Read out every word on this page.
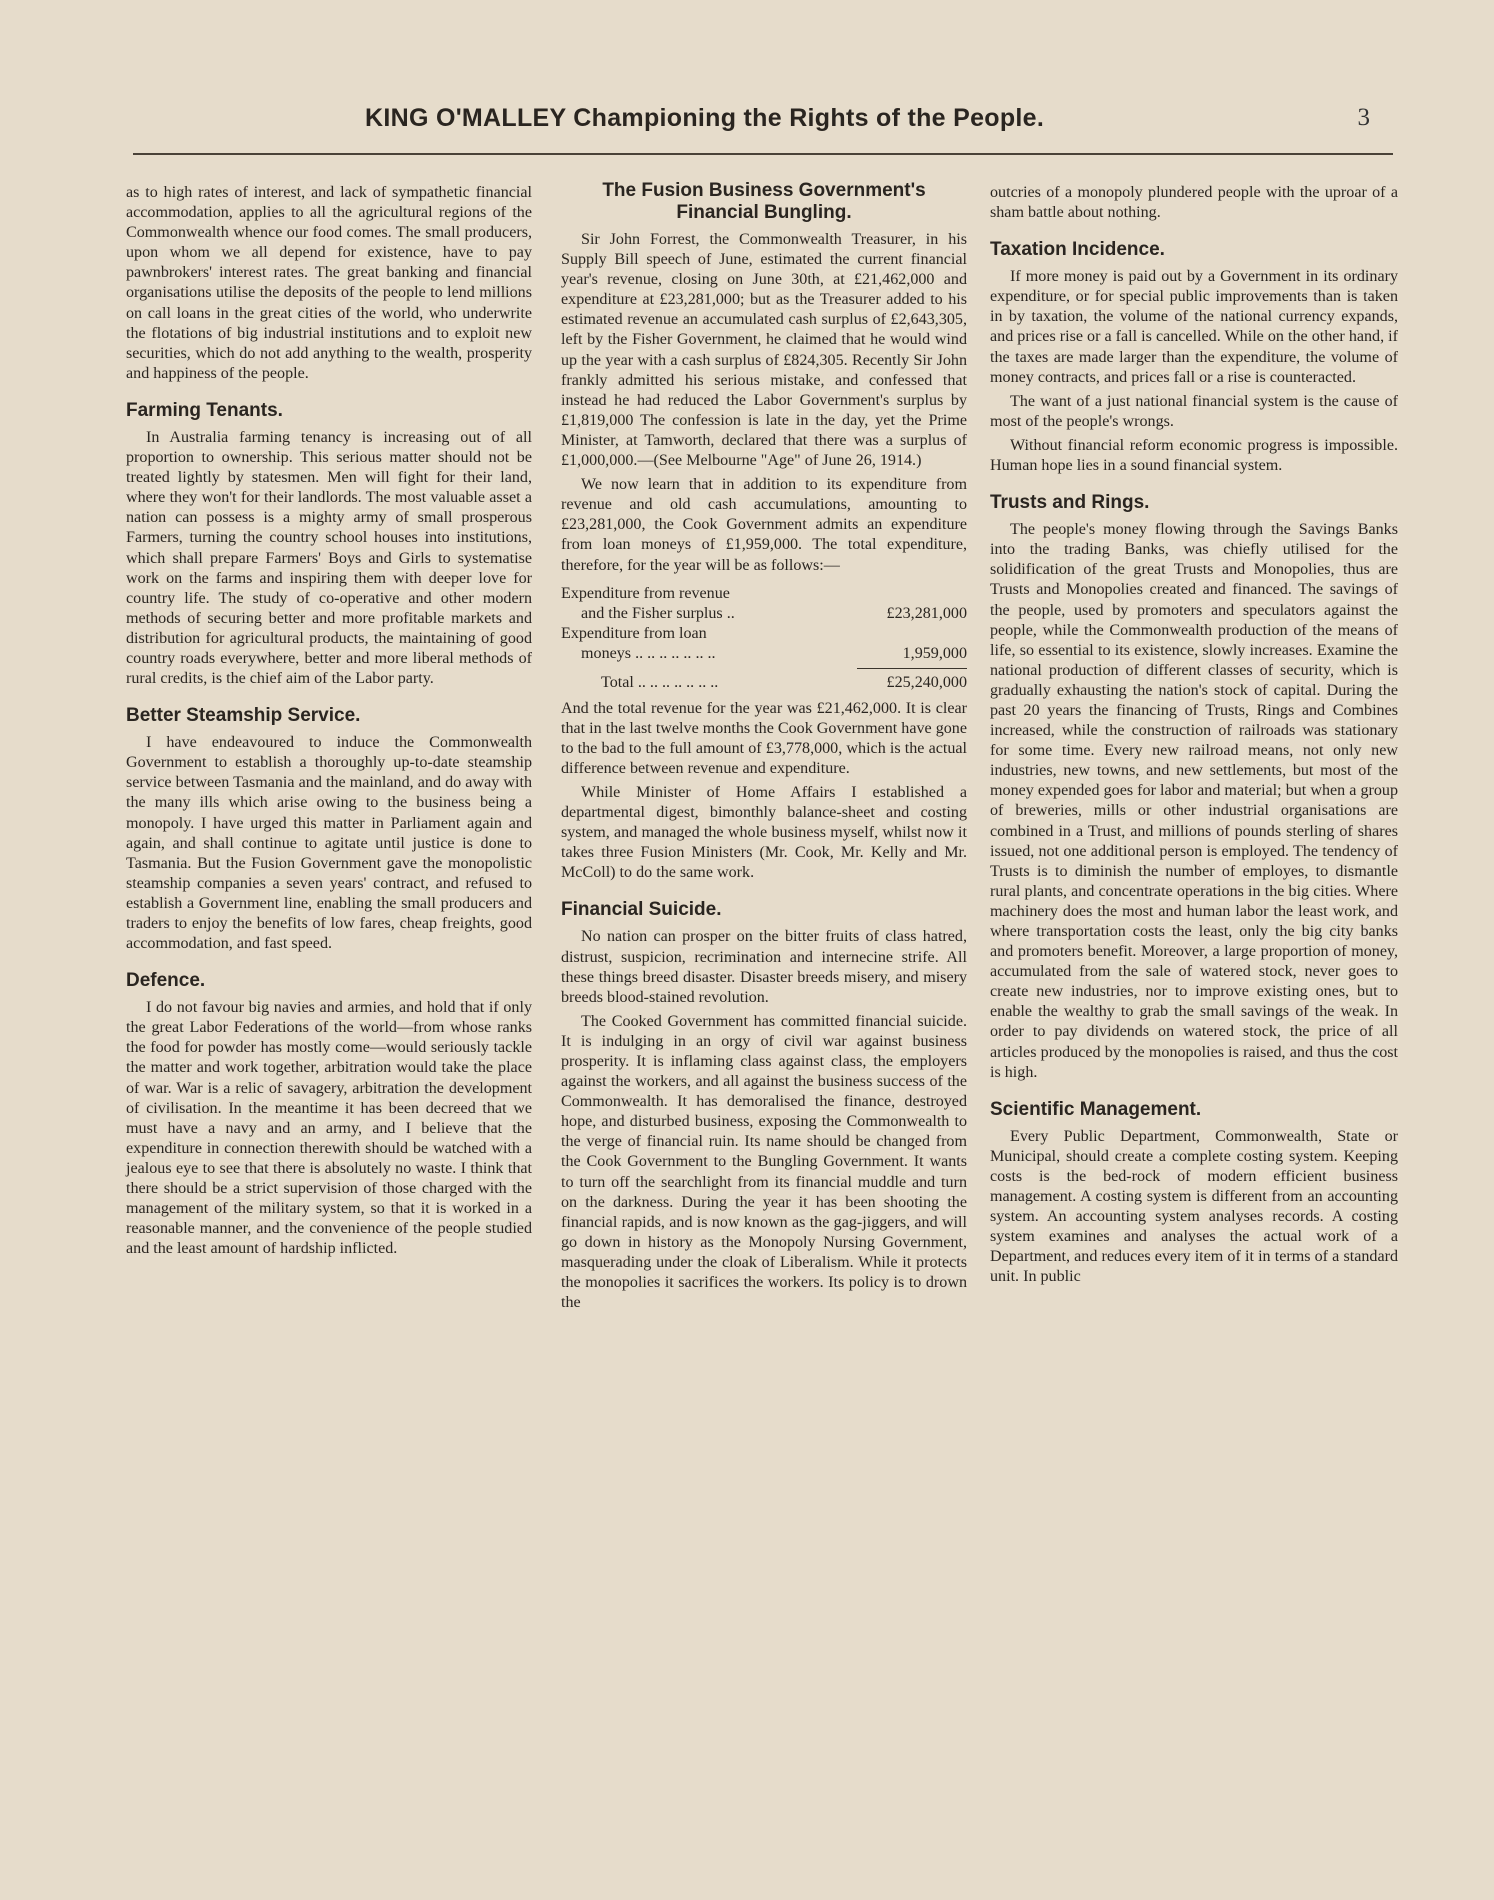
KING O'MALLEY Championing the Rights of the People.	3

as to high rates of interest, and lack of sympathetic financial accommodation, applies to all the agricultural regions of the Commonwealth whence our food comes. The small producers, upon whom we all depend for existence, have to pay pawnbrokers' interest rates. The great banking and financial organisations utilise the deposits of the people to lend millions on call loans in the great cities of the world, who underwrite the flotations of big industrial institutions and to exploit new securities, which do not add anything to the wealth, prosperity and happiness of the people.

Farming Tenants.

In Australia farming tenancy is increasing out of all proportion to ownership. This serious matter should not be treated lightly by statesmen. Men will fight for their land, where they won't for their landlords. The most valuable asset a nation can possess is a mighty army of small prosperous Farmers, turning the country school houses into institutions, which shall prepare Farmers' Boys and Girls to systematise work on the farms and inspiring them with deeper love for country life. The study of co-operative and other modern methods of securing better and more profitable markets and distribution for agricultural products, the maintaining of good country roads everywhere, better and more liberal methods of rural credits, is the chief aim of the Labor party.

Better Steamship Service.

I have endeavoured to induce the Commonwealth Government to establish a thoroughly up-to-date steamship service between Tasmania and the mainland, and do away with the many ills which arise owing to the business being a monopoly. I have urged this matter in Parliament again and again, and shall continue to agitate until justice is done to Tasmania. But the Fusion Government gave the monopolistic steamship companies a seven years' contract, and refused to establish a Government line, enabling the small producers and traders to enjoy the benefits of low fares, cheap freights, good accommodation, and fast speed.

Defence.

I do not favour big navies and armies, and hold that if only the great Labor Federations of the world—from whose ranks the food for powder has mostly come—would seriously tackle the matter and work together, arbitration would take the place of war. War is a relic of savagery, arbitration the development of civilisation. In the meantime it has been decreed that we must have a navy and an army, and I believe that the expenditure in connection therewith should be watched with a jealous eye to see that there is absolutely no waste. I think that there should be a strict supervision of those charged with the management of the military system, so that it is worked in a reasonable manner, and the convenience of the people studied and the least amount of hardship inflicted.

The Fusion Business Government's Financial Bungling.

Sir John Forrest, the Commonwealth Treasurer, in his Supply Bill speech of June, estimated the current financial year's revenue, closing on June 30th, at £21,462,000 and expenditure at £23,281,000; but as the Treasurer added to his estimated revenue an accumulated cash surplus of £2,643,305, left by the Fisher Government, he claimed that he would wind up the year with a cash surplus of £824,305. Recently Sir John frankly admitted his serious mistake, and confessed that instead he had reduced the Labor Government's surplus by £1,819,000 The confession is late in the day, yet the Prime Minister, at Tamworth, declared that there was a surplus of £1,000,000.—(See Melbourne "Age" of June 26, 1914.)

We now learn that in addition to its expenditure from revenue and old cash accumulations, amounting to £23,281,000, the Cook Government admits an expenditure from loan moneys of £1,959,000. The total expenditure, therefore, for the year will be as follows:—

Expenditure from revenue
and the Fisher surplus ..	£23,281,000
Expenditure from loan
moneys .. .. .. .. .. .. ..	1,959,000
Total .. .. .. .. .. .. ..	£25,240,000

And the total revenue for the year was £21,462,000. It is clear that in the last twelve months the Cook Government have gone to the bad to the full amount of £3,778,000, which is the actual difference between revenue and expenditure.

While Minister of Home Affairs I established a departmental digest, bimonthly balance-sheet and costing system, and managed the whole business myself, whilst now it takes three Fusion Ministers (Mr. Cook, Mr. Kelly and Mr. McColl) to do the same work.

Financial Suicide.

No nation can prosper on the bitter fruits of class hatred, distrust, suspicion, recrimination and internecine strife. All these things breed disaster. Disaster breeds misery, and misery breeds blood-stained revolution.

The Cooked Government has committed financial suicide. It is indulging in an orgy of civil war against business prosperity. It is inflaming class against class, the employers against the workers, and all against the business success of the Commonwealth. It has demoralised the finance, destroyed hope, and disturbed business, exposing the Commonwealth to the verge of financial ruin. Its name should be changed from the Cook Government to the Bungling Government. It wants to turn off the searchlight from its financial muddle and turn on the darkness. During the year it has been shooting the financial rapids, and is now known as the gag-jiggers, and will go down in history as the Monopoly Nursing Government, masquerading under the cloak of Liberalism. While it protects the monopolies it sacrifices the workers. Its policy is to drown the

outcries of a monopoly plundered people with the uproar of a sham battle about nothing.

Taxation Incidence.

If more money is paid out by a Government in its ordinary expenditure, or for special public improvements than is taken in by taxation, the volume of the national currency expands, and prices rise or a fall is cancelled. While on the other hand, if the taxes are made larger than the expenditure, the volume of money contracts, and prices fall or a rise is counteracted.

The want of a just national financial system is the cause of most of the people's wrongs.

Without financial reform economic progress is impossible. Human hope lies in a sound financial system.

Trusts and Rings.

The people's money flowing through the Savings Banks into the trading Banks, was chiefly utilised for the solidification of the great Trusts and Monopolies, thus are Trusts and Monopolies created and financed. The savings of the people, used by promoters and speculators against the people, while the Commonwealth production of the means of life, so essential to its existence, slowly increases. Examine the national production of different classes of security, which is gradually exhausting the nation's stock of capital. During the past 20 years the financing of Trusts, Rings and Combines increased, while the construction of railroads was stationary for some time. Every new railroad means, not only new industries, new towns, and new settlements, but most of the money expended goes for labor and material; but when a group of breweries, mills or other industrial organisations are combined in a Trust, and millions of pounds sterling of shares issued, not one additional person is employed. The tendency of Trusts is to diminish the number of employes, to dismantle rural plants, and concentrate operations in the big cities. Where machinery does the most and human labor the least work, and where transportation costs the least, only the big city banks and promoters benefit. Moreover, a large proportion of money, accumulated from the sale of watered stock, never goes to create new industries, nor to improve existing ones, but to enable the wealthy to grab the small savings of the weak. In order to pay dividends on watered stock, the price of all articles produced by the monopolies is raised, and thus the cost is high.

Scientific Management.

Every Public Department, Commonwealth, State or Municipal, should create a complete costing system. Keeping costs is the bed-rock of modern efficient business management. A costing system is different from an accounting system. An accounting system analyses records. A costing system examines and analyses the actual work of a Department, and reduces every item of it in terms of a standard unit. In public
